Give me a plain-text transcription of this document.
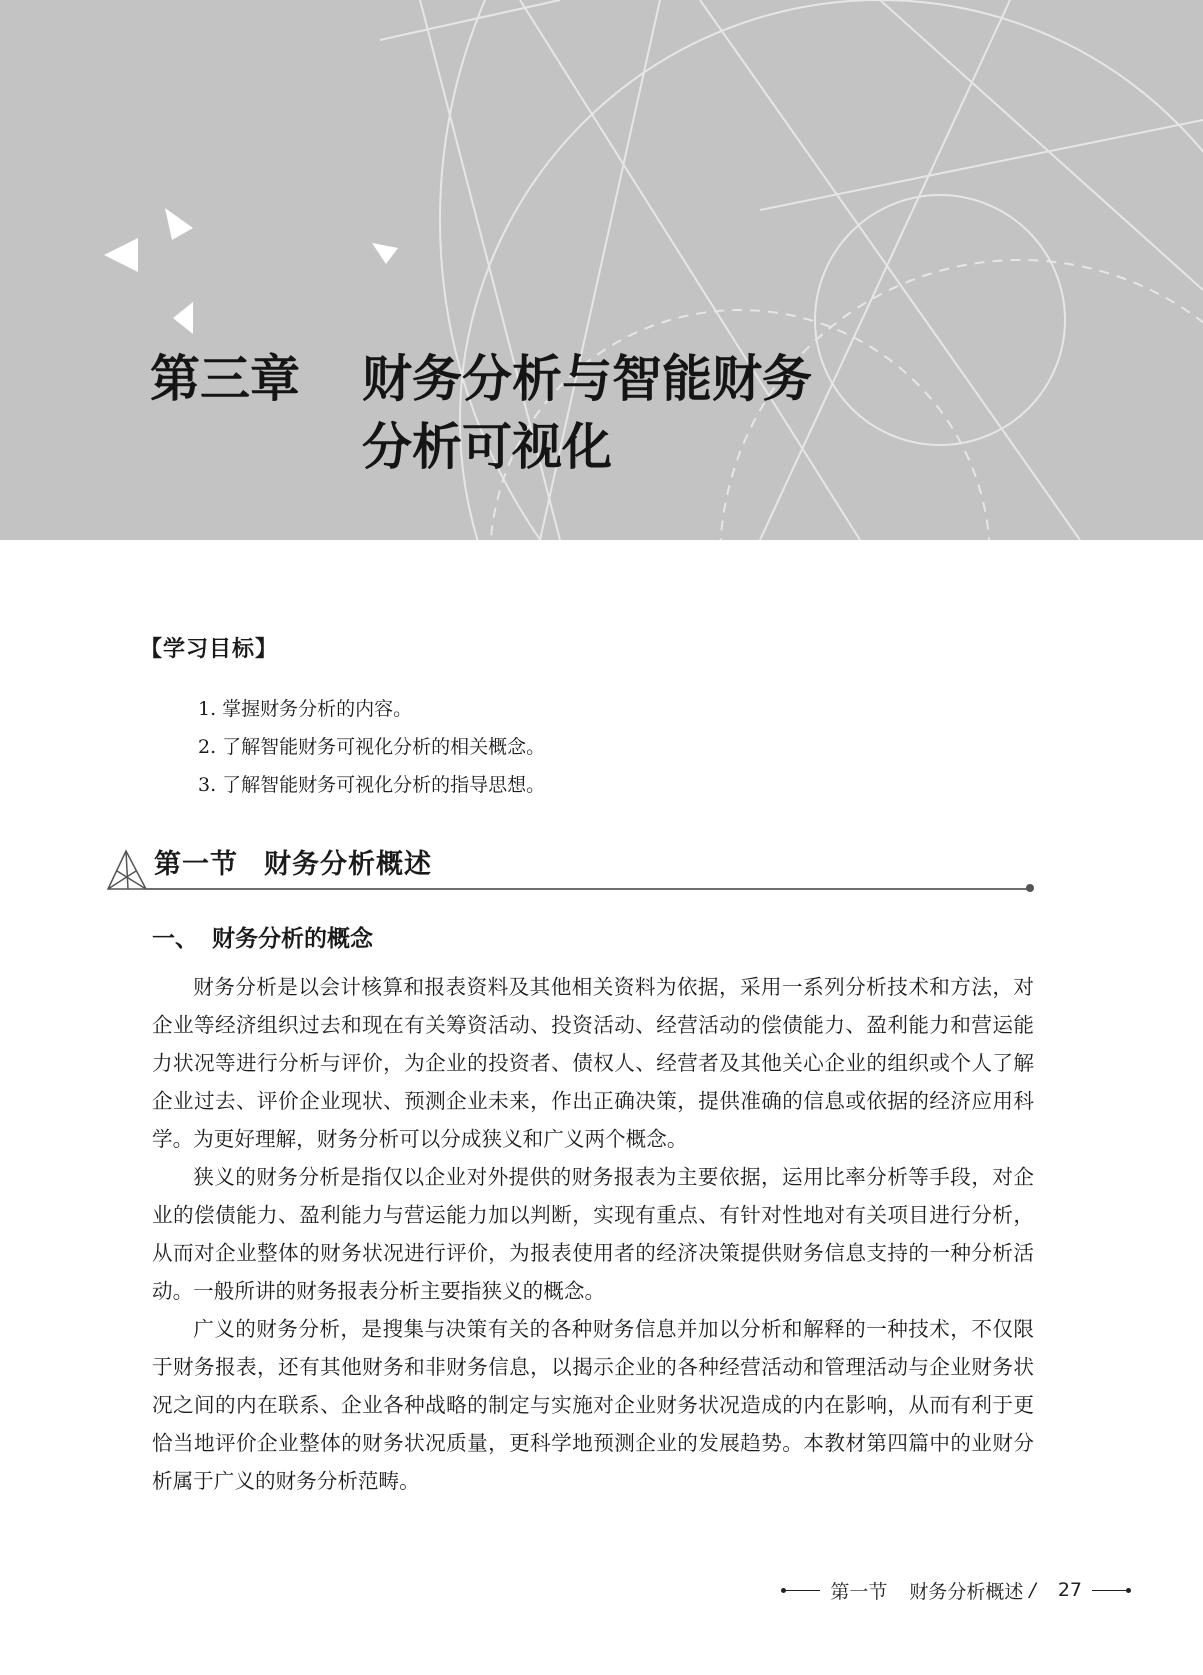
第三章 财务分析与智能财务
分析可视化
【学习目标】
1. 掌握财务分析的内容。
2. 了解智能财务可视化分析的相关概念。
3. 了解智能财务可视化分析的指导思想。
第一节 财务分析概述
一、 财务分析的概念

财务分析是以会计核算和报表资料及其他相关资料为依据，采用一系列分析技术和方法，对企业等经济组织过去和现在有关筹资活动、投资活动、经营活动的偿债能力、盈利能力和营运能力状况等进行分析与评价，为企业的投资者、债权人、经营者及其他关心企业的组织或个人了解企业过去、评价企业现状、预测企业未来，作出正确决策，提供准确的信息或依据的经济应用科学。为更好理解，财务分析可以分成狭义和广义两个概念。

狭义的财务分析是指仅以企业对外提供的财务报表为主要依据，运用比率分析等手段，对企业的偿债能力、盈利能力与营运能力加以判断，实现有重点、有针对性地对有关项目进行分析，从而对企业整体的财务状况进行评价，为报表使用者的经济决策提供财务信息支持的一种分析活动。一般所讲的财务报表分析主要指狭义的概念。

广义的财务分析，是搜集与决策有关的各种财务信息并加以分析和解释的一种技术，不仅限于财务报表，还有其他财务和非财务信息，以揭示企业的各种经营活动和管理活动与企业财务状况之间的内在联系、企业各种战略的制定与实施对企业财务状况造成的内在影响，从而有利于更恰当地评价企业整体的财务状况质量，更科学地预测企业的发展趋势。本教材第四篇中的业财分析属于广义的财务分析范畴。

第一节 财务分析概述 / 27
